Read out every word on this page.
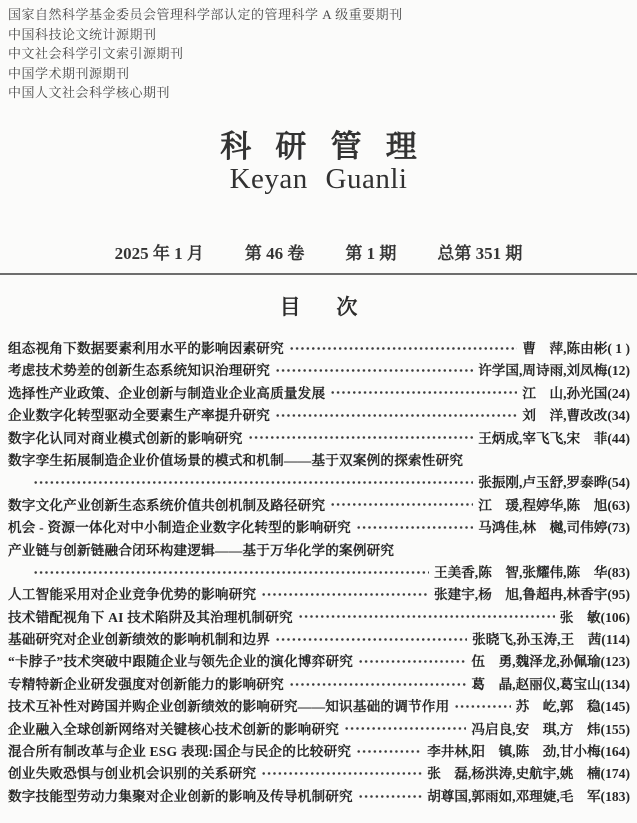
国家自然科学基金委员会管理科学部认定的管理科学 A 级重要期刊
中国科技论文统计源期刊
中文社会科学引文索引源期刊
中国学术期刊源期刊
中国人文社会科学核心期刊
科研管理
Keyan Guanli
2025 年 1 月 第 46 卷 第 1 期 总第 351 期
目次
组态视角下数据要素利用水平的影响因素研究	曹　萍,陈由彬 ( 1 )
考虑技术势差的创新生态系统知识治理研究	许学国,周诗雨,刘凤梅 (12)
选择性产业政策、企业创新与制造业企业高质量发展	江　山,孙光国 (24)
企业数字化转型驱动全要素生产率提升研究	刘　洋,曹改改 (34)
数字化认同对商业模式创新的影响研究	王炳成,宰飞飞,宋　菲 (44)
数字孪生拓展制造企业价值场景的模式和机制——基于双案例的探索性研究
张振刚,卢玉舒,罗泰晔 (54)
数字文化产业创新生态系统价值共创机制及路径研究	江　瑗,程婷华,陈　旭 (63)
机会 - 资源一体化对中小制造企业数字化转型的影响研究	马鸿佳,林　樾,司伟婷 (73)
产业链与创新链融合闭环构建逻辑——基于万华化学的案例研究
王美香,陈　智,张耀伟,陈　华 (83)
人工智能采用对企业竞争优势的影响研究	张建宇,杨　旭,鲁超冉,林香宇 (95)
技术错配视角下 AI 技术陷阱及其治理机制研究	张　敏 (106)
基础研究对企业创新绩效的影响机制和边界	张晓飞,孙玉涛,王　茜 (114)
“卡脖子”技术突破中跟随企业与领先企业的演化博弈研究	伍　勇,魏泽龙,孙佩瑜 (123)
专精特新企业研发强度对创新能力的影响研究	葛　晶,赵丽仪,葛宝山 (134)
技术互补性对跨国并购企业创新绩效的影响研究——知识基础的调节作用	苏　屹,郭　稳 (145)
企业融入全球创新网络对关键核心技术创新的影响研究	冯启良,安　琪,方　炜 (155)
混合所有制改革与企业 ESG 表现:国企与民企的比较研究	李井林,阳　镇,陈　劲,甘小梅 (164)
创业失败恐惧与创业机会识别的关系研究	张　磊,杨洪涛,史航宇,姚　楠 (174)
数字技能型劳动力集聚对企业创新的影响及传导机制研究	胡尊国,郭雨如,邓理婕,毛　军 (183)
